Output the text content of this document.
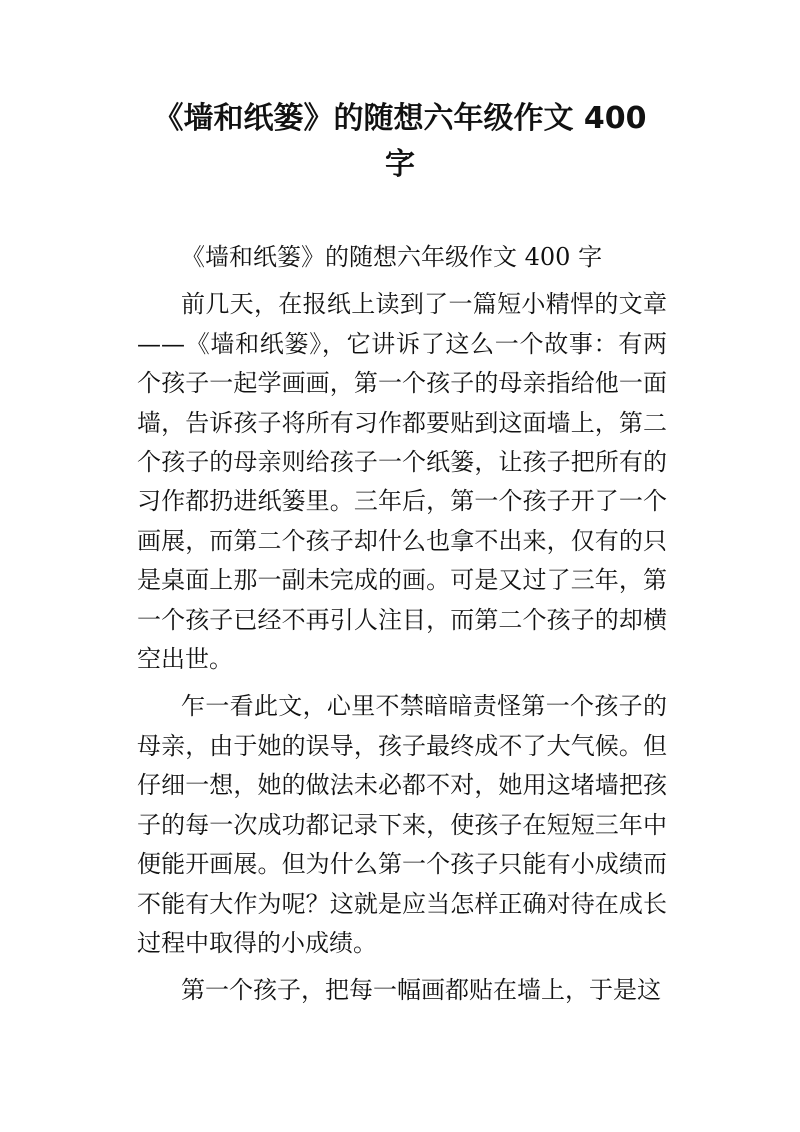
《墙和纸篓》的随想六年级作文 400 字

《墙和纸篓》的随想六年级作文 400 字

前几天，在报纸上读到了一篇短小精悍的文章——《墙和纸篓》，它讲诉了这么一个故事：有两个孩子一起学画画，第一个孩子的母亲指给他一面墙，告诉孩子将所有习作都要贴到这面墙上，第二个孩子的母亲则给孩子一个纸篓，让孩子把所有的习作都扔进纸篓里。三年后，第一个孩子开了一个画展，而第二个孩子却什么也拿不出来，仅有的只是桌面上那一副未完成的画。可是又过了三年，第一个孩子已经不再引人注目，而第二个孩子的却横空出世。

乍一看此文，心里不禁暗暗责怪第一个孩子的母亲，由于她的误导，孩子最终成不了大气候。但仔细一想，她的做法未必都不对，她用这堵墙把孩子的每一次成功都记录下来，使孩子在短短三年中便能开画展。但为什么第一个孩子只能有小成绩而不能有大作为呢？这就是应当怎样正确对待在成长过程中取得的小成绩。

第一个孩子，把每一幅画都贴在墙上，于是这
